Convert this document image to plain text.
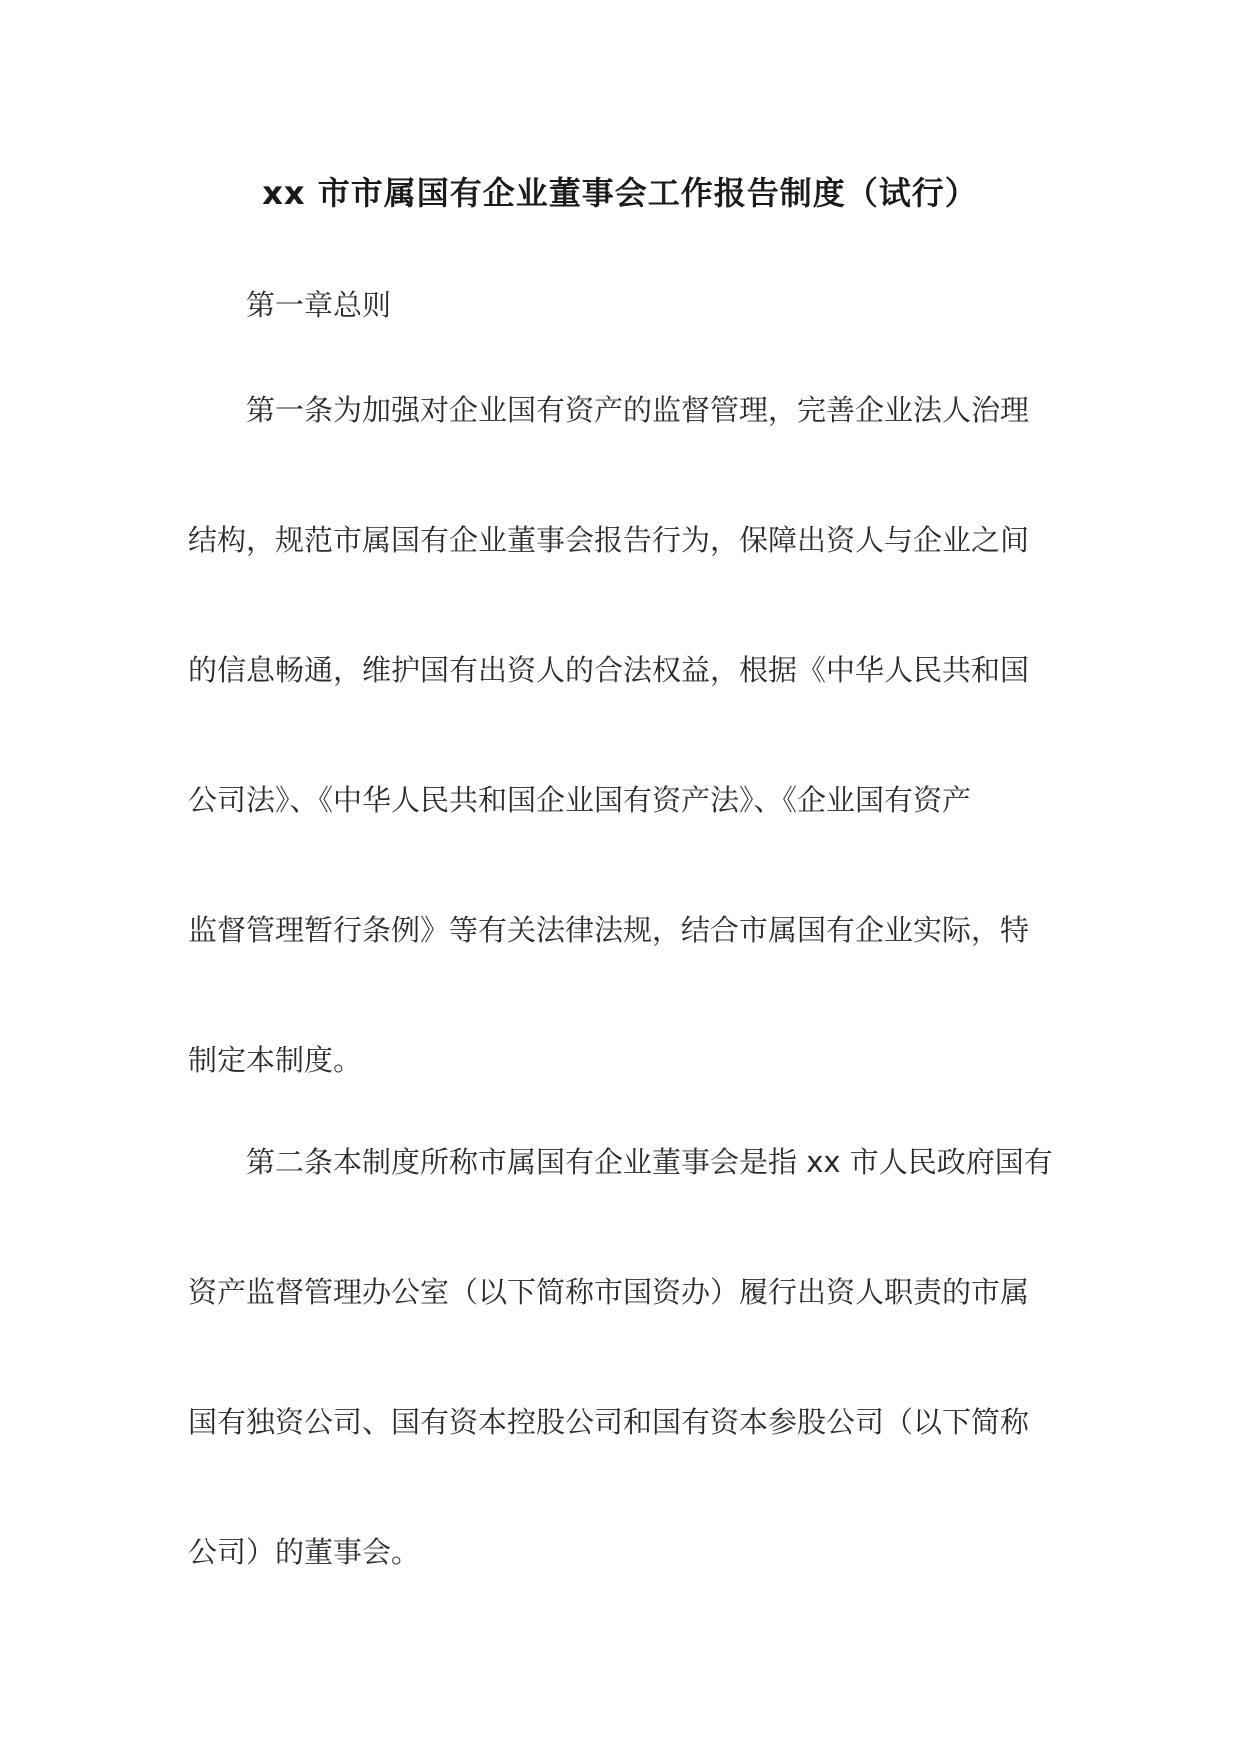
xx 市市属国有企业董事会工作报告制度（试行）
第一章总则
第一条为加强对企业国有资产的监督管理，完善企业法人治理
结构，规范市属国有企业董事会报告行为，保障出资人与企业之间
的信息畅通，维护国有出资人的合法权益，根据《中华人民共和国
公司法》、《中华人民共和国企业国有资产法》、《企业国有资产
监督管理暂行条例》等有关法律法规，结合市属国有企业实际，特
制定本制度。
第二条本制度所称市属国有企业董事会是指 xx 市人民政府国有
资产监督管理办公室（以下简称市国资办）履行出资人职责的市属
国有独资公司、国有资本控股公司和国有资本参股公司（以下简称
公司）的董事会。
